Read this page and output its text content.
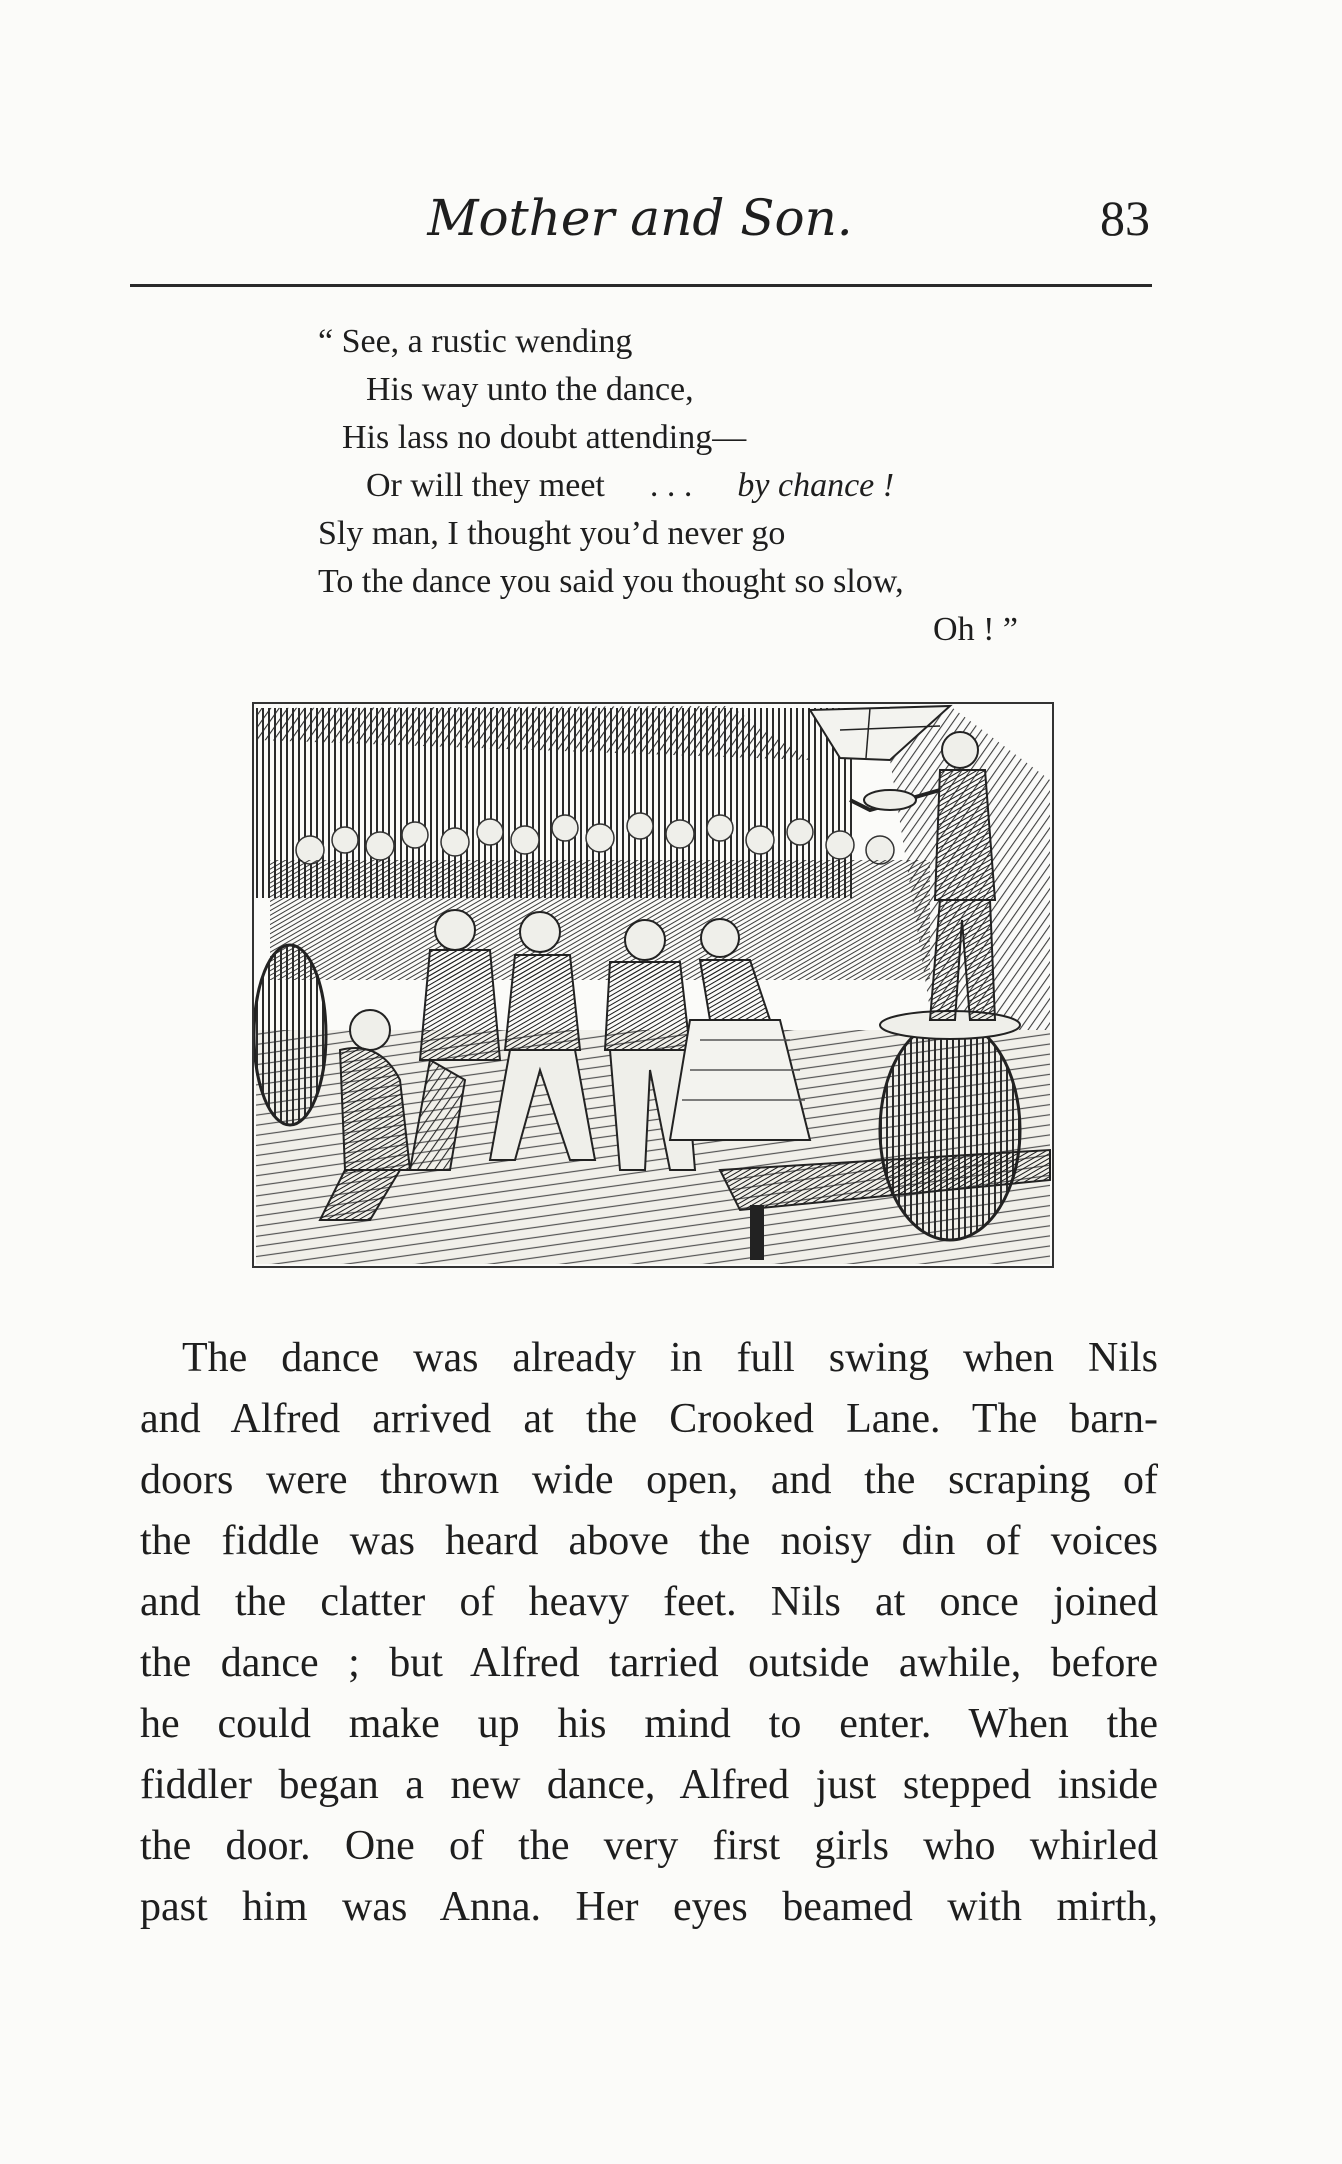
Mother and Son.	83
“ See, a rustic wending
His way unto the dance,
His lass no doubt attending—
Or will they meet . . . by chance !
Sly man, I thought you’d never go
To the dance you said you thought so slow,
Oh ! ”
The dance was already in full swing when Nils
and Alfred arrived at the Crooked Lane. The barn-
doors were thrown wide open, and the scraping of
the fiddle was heard above the noisy din of voices
and the clatter of heavy feet. Nils at once joined
the dance ; but Alfred tarried outside awhile, before
he could make up his mind to enter. When the
fiddler began a new dance, Alfred just stepped inside
the door. One of the very first girls who whirled
past him was Anna. Her eyes beamed with mirth,
